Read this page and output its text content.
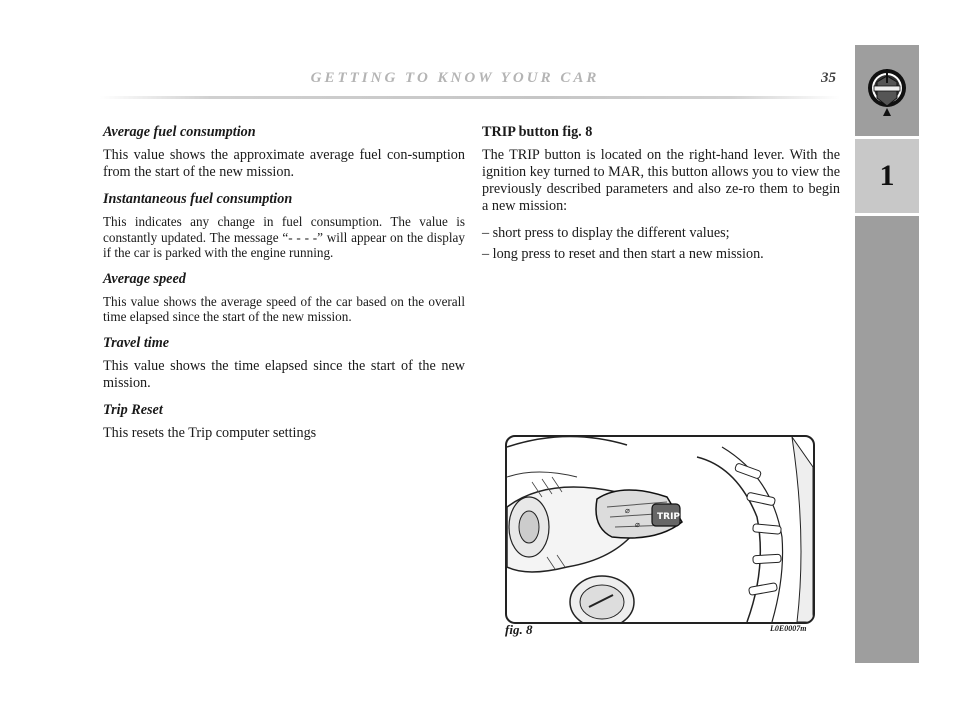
GETTING TO KNOW YOUR CAR	35
1
Average fuel consumption
This value shows the approximate average fuel con-sumption from the start of the new mission.
Instantaneous fuel consumption
This indicates any change in fuel consumption. The value is constantly updated. The message “- - - -” will appear on the display if the car is parked with the engine running.
Average speed
This value shows the average speed of the car based on the overall time elapsed since the start of the new mission.
Travel time
This value shows the time elapsed since the start of the new mission.
Trip Reset
This resets the Trip computer settings
TRIP button fig. 8
The TRIP button is located on the right-hand lever. With the ignition key turned to MAR, this button allows you to view the previously described parameters and also ze-ro them to begin a new mission:
– short press to display the different values;
– long press to reset and then start a new mission.
⌀
⌀
TRIP
fig. 8	L0E0007m
